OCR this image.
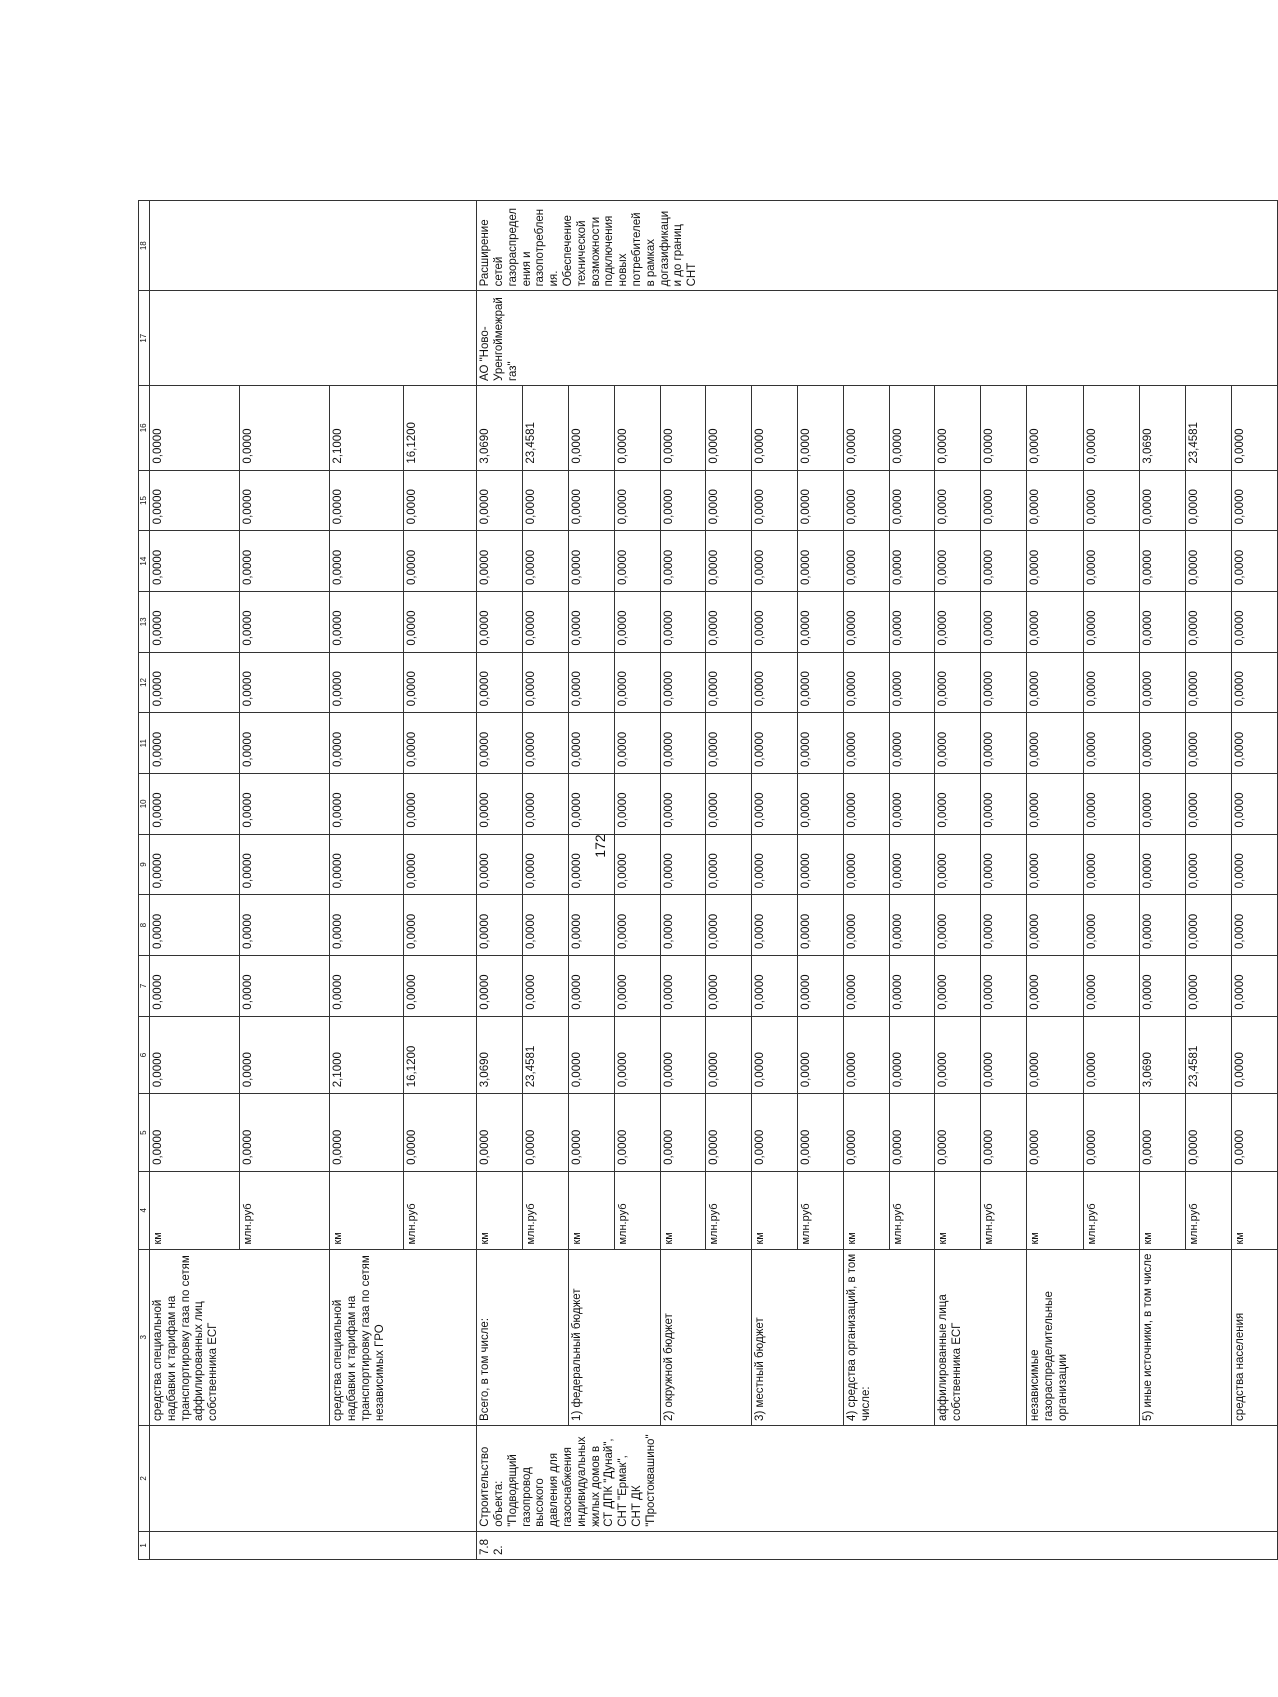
172
1	2	3	4	5	6	7	8	9	10	11	12	13	14	15	16	17	18
		средства специальной надбавки к тарифам на транспортировку газа по сетям аффилированных лиц собственника ЕСГ	км	0,0000	0,0000	0,0000	0,0000	0,0000	0,0000	0,0000	0,0000	0,0000	0,0000	0,0000	0,0000		
			млн.руб	0,0000	0,0000	0,0000	0,0000	0,0000	0,0000	0,0000	0,0000	0,0000	0,0000	0,0000	0,0000		
		средства специальной надбавки к тарифам на транспортировку газа по сетям независимых ГРО	км	0,0000	2,1000	0,0000	0,0000	0,0000	0,0000	0,0000	0,0000	0,0000	0,0000	0,0000	2,1000		
			млн.руб	0,0000	16,1200	0,0000	0,0000	0,0000	0,0000	0,0000	0,0000	0,0000	0,0000	0,0000	16,1200		
7.82.	Строительство объекта: "Подводящий газопровод высокого давления для газоснабжения индивидуальных жилых домов в СТ ДПК "Дунай", СНТ "Ермак", СНТ ДК "Простоквашино"	Всего, в том числе:	км	0,0000	3,0690	0,0000	0,0000	0,0000	0,0000	0,0000	0,0000	0,0000	0,0000	0,0000	3,0690	АО "Ново-Уренгоймежрайгаз"	Расширение сетей газораспределения и газопотребления. Обеспечение технической возможности подключения новых потребителей в рамках догазификации до границ СНТ
			млн.руб	0,0000	23,4581	0,0000	0,0000	0,0000	0,0000	0,0000	0,0000	0,0000	0,0000	0,0000	23,4581		
		1) федеральный бюджет	км	0,0000	0,0000	0,0000	0,0000	0,0000	0,0000	0,0000	0,0000	0,0000	0,0000	0,0000	0,0000		
			млн.руб	0,0000	0,0000	0,0000	0,0000	0,0000	0,0000	0,0000	0,0000	0,0000	0,0000	0,0000	0,0000		
		2) окружной бюджет	км	0,0000	0,0000	0,0000	0,0000	0,0000	0,0000	0,0000	0,0000	0,0000	0,0000	0,0000	0,0000		
			млн.руб	0,0000	0,0000	0,0000	0,0000	0,0000	0,0000	0,0000	0,0000	0,0000	0,0000	0,0000	0,0000		
		3) местный бюджет	км	0,0000	0,0000	0,0000	0,0000	0,0000	0,0000	0,0000	0,0000	0,0000	0,0000	0,0000	0,0000		
			млн.руб	0,0000	0,0000	0,0000	0,0000	0,0000	0,0000	0,0000	0,0000	0,0000	0,0000	0,0000	0,0000		
		4) средства организаций, в том числе:	км	0,0000	0,0000	0,0000	0,0000	0,0000	0,0000	0,0000	0,0000	0,0000	0,0000	0,0000	0,0000		
			млн.руб	0,0000	0,0000	0,0000	0,0000	0,0000	0,0000	0,0000	0,0000	0,0000	0,0000	0,0000	0,0000		
		аффилированные лица собственника ЕСГ	км	0,0000	0,0000	0,0000	0,0000	0,0000	0,0000	0,0000	0,0000	0,0000	0,0000	0,0000	0,0000		
			млн.руб	0,0000	0,0000	0,0000	0,0000	0,0000	0,0000	0,0000	0,0000	0,0000	0,0000	0,0000	0,0000		
		независимые газораспределительные организации	км	0,0000	0,0000	0,0000	0,0000	0,0000	0,0000	0,0000	0,0000	0,0000	0,0000	0,0000	0,0000		
			млн.руб	0,0000	0,0000	0,0000	0,0000	0,0000	0,0000	0,0000	0,0000	0,0000	0,0000	0,0000	0,0000		
		5) иные источники, в том числе	км	0,0000	3,0690	0,0000	0,0000	0,0000	0,0000	0,0000	0,0000	0,0000	0,0000	0,0000	3,0690		
			млн.руб	0,0000	23,4581	0,0000	0,0000	0,0000	0,0000	0,0000	0,0000	0,0000	0,0000	0,0000	23,4581		
		средства населения	км	0,0000	0,0000	0,0000	0,0000	0,0000	0,0000	0,0000	0,0000	0,0000	0,0000	0,0000	0,0000		
